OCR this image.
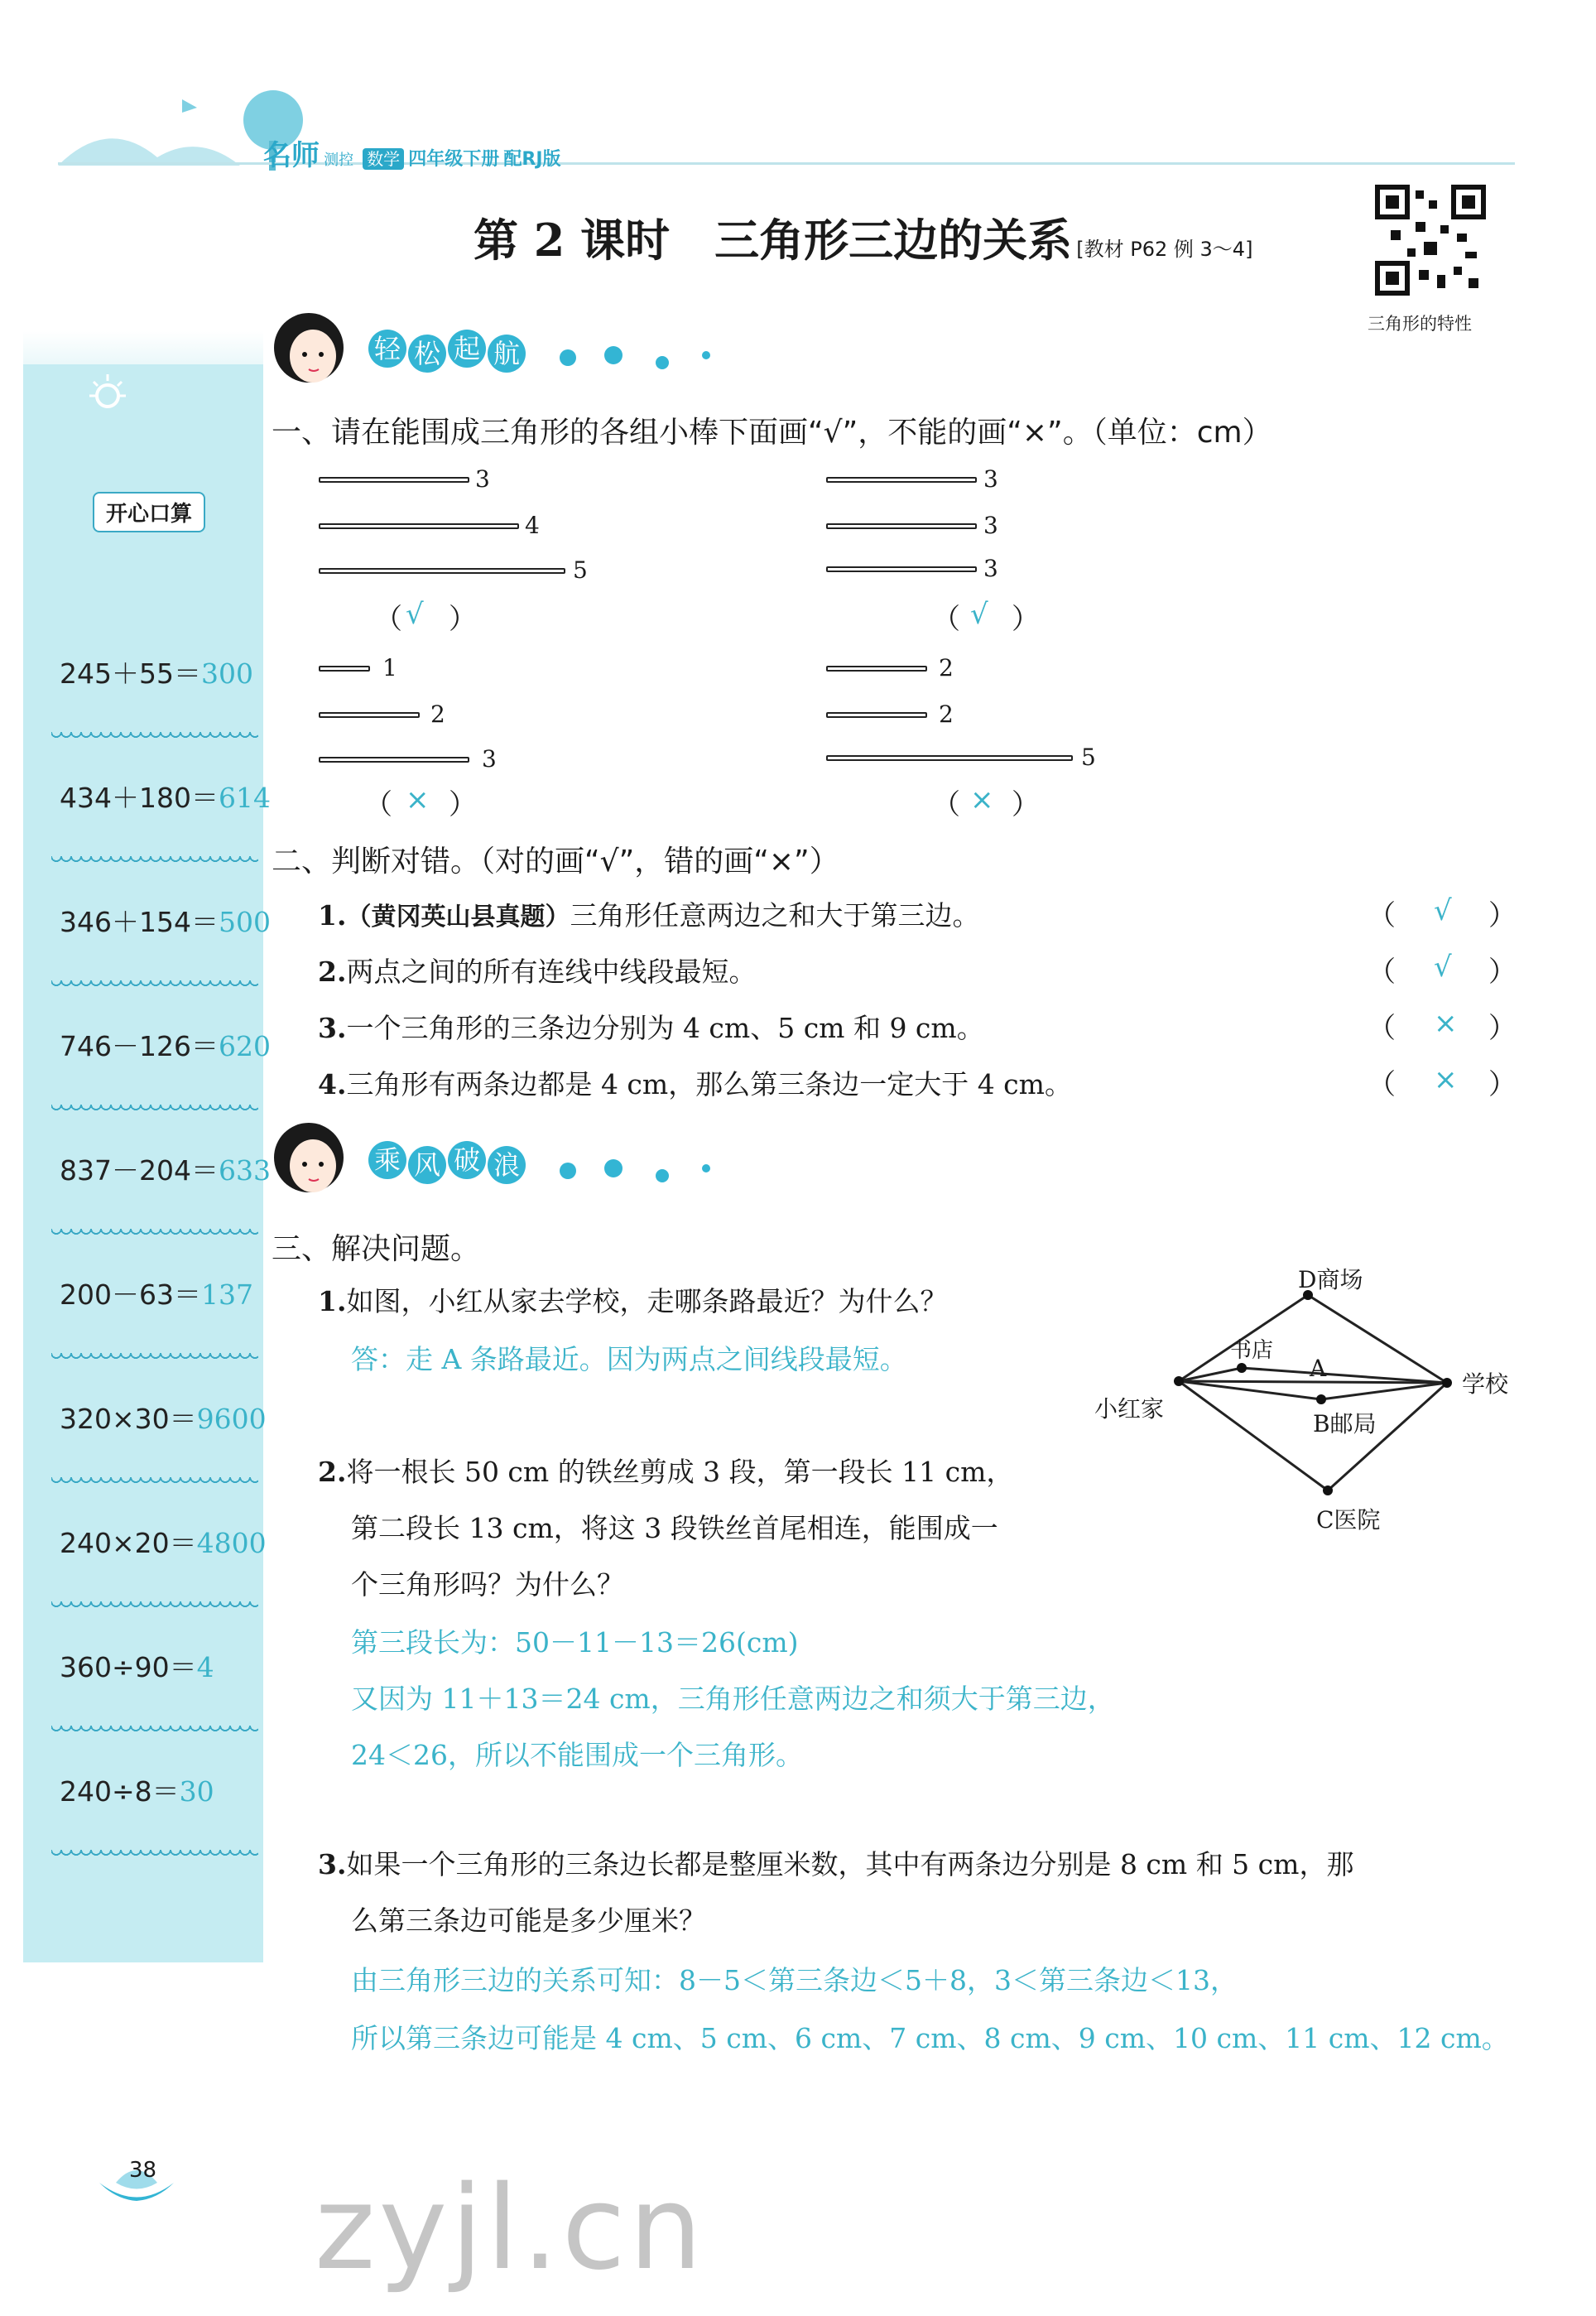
名师 测控 数学 四年级下册 配RJ版
第 2 课时　三角形三边的关系 [教材 P62 例 3～4]
三角形的特性
开心口算
245＋55＝300
434＋180＝614
346＋154＝500
746－126＝620
837－204＝633
200－63＝137
320×30＝9600
240×20＝4800
360÷90＝4
240÷8＝30
轻 松 起 航
一、请在能围成三角形的各组小棒下面画“√”，不能的画“×”。（单位：cm）
3
4
5
（ √ ）
3
3
3
（ √ ）
1
2
3
（ × ）
2
2
5
（ × ）
二、判断对错。（对的画“√”，错的画“×”）
1.（黄冈英山县真题）三角形任意两边之和大于第三边。	（ √ ）
2.两点之间的所有连线中线段最短。	（ √ ）
3.一个三角形的三条边分别为 4 cm、5 cm 和 9 cm。	（ × ）
4.三角形有两条边都是 4 cm，那么第三条边一定大于 4 cm。	（ × ）
乘 风 破 浪
三、解决问题。
1.如图，小红从家去学校，走哪条路最近？为什么？
答：走 A 条路最近。因为两点之间线段最短。
小红家
D商场
学校
书店
A
B邮局
C医院
2.将一根长 50 cm 的铁丝剪成 3 段，第一段长 11 cm，
第二段长 13 cm，将这 3 段铁丝首尾相连，能围成一
个三角形吗？为什么？
第三段长为：50－11－13＝26(cm)
又因为 11＋13＝24 cm，三角形任意两边之和须大于第三边，
24＜26，所以不能围成一个三角形。
3.如果一个三角形的三条边长都是整厘米数，其中有两条边分别是 8 cm 和 5 cm，那
么第三条边可能是多少厘米？
由三角形三边的关系可知：8－5＜第三条边＜5＋8，3＜第三条边＜13，
所以第三条边可能是 4 cm、5 cm、6 cm、7 cm、8 cm、9 cm、10 cm、11 cm、12 cm。
38 zyjl.cn
